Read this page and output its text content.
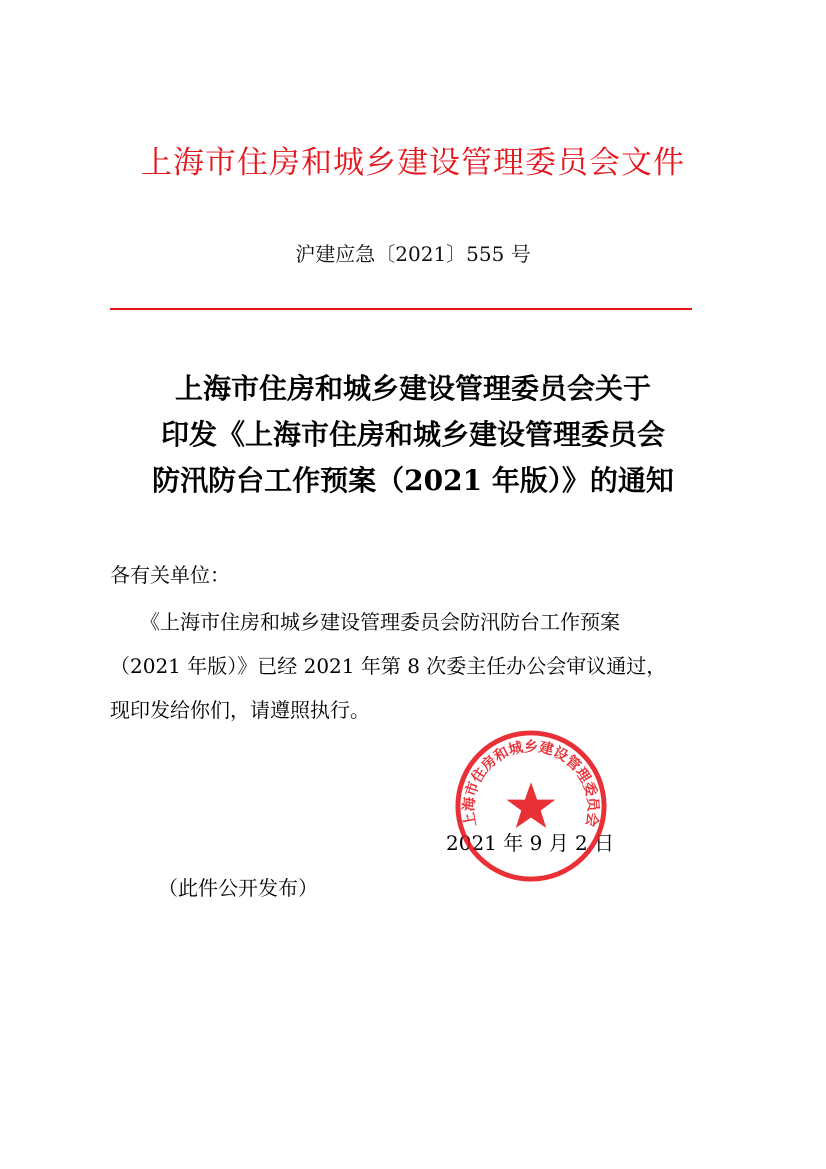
上海市住房和城乡建设管理委员会文件
沪建应急〔2021〕555 号
上海市住房和城乡建设管理委员会关于
印发《上海市住房和城乡建设管理委员会
防汛防台工作预案（2021 年版）》的通知
各有关单位：
　　《上海市住房和城乡建设管理委员会防汛防台工作预案
（2021 年版）》已经 2021 年第 8 次委主任办公会审议通过，
现印发给你们，请遵照执行。
2021 年 9 月 2 日
上海市住房和城乡建设管理委员会
（此件公开发布）
